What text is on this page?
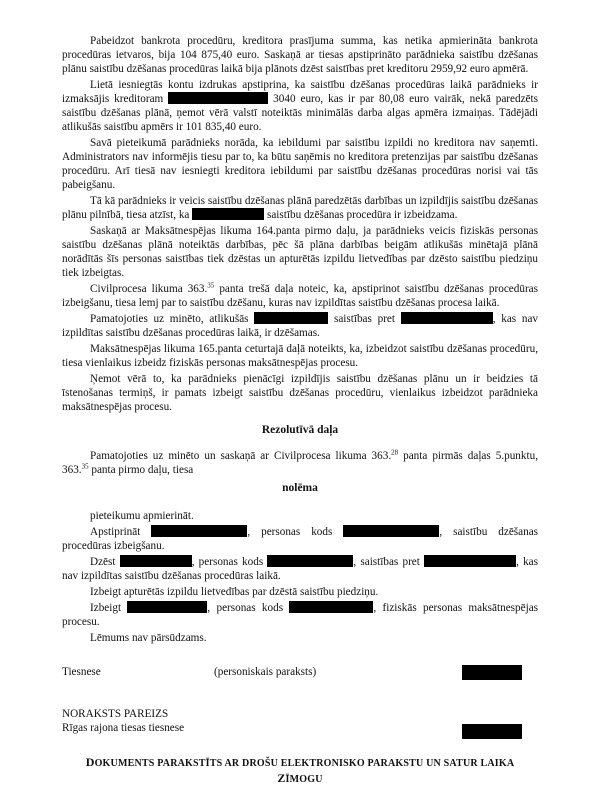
Pabeidzot bankrota procedūru, kreditora prasījuma summa, kas netika apmierināta bankrota procedūras ietvaros, bija 104 875,40 euro. Saskaņā ar tiesas apstiprināto parādnieka saistību dzēšanas plānu saistību dzēšanas procedūras laikā bija plānots dzēst saistības pret kreditoru 2959,92 euro apmērā.

Lietā iesniegtās kontu izdrukas apstiprina, ka saistību dzēšanas procedūras laikā parādnieks ir izmaksājis kreditoram	3040 euro, kas ir par 80,08 euro vairāk, nekā paredzēts saistību dzēšanas plānā, ņemot vērā valstī noteiktās minimālās darba algas apmēra izmaiņas. Tādējādi atlikušās saistību apmērs ir 101 835,40 euro.

Savā pieteikumā parādnieks norāda, ka iebildumi par saistību izpildi no kreditora nav saņemti. Administrators nav informējis tiesu par to, ka būtu saņēmis no kreditora pretenzijas par saistību dzēšanas procedūru. Arī tiesā nav iesniegti kreditora iebildumi par saistību dzēšanas procedūras norisi vai tās pabeigšanu.

Tā kā parādnieks ir veicis saistību dzēšanas plānā paredzētās darbības un izpildījis saistību dzēšanas plānu pilnībā, tiesa atzīst, ka	saistību dzēšanas procedūra ir izbeidzama.

Saskaņā ar Maksātnespējas likuma 164.panta pirmo daļu, ja parādnieks veicis fiziskās personas saistību dzēšanas plānā noteiktās darbības, pēc šā plāna darbības beigām atlikušās minētajā plānā norādītās šīs personas saistības tiek dzēstas un apturētās izpildu lietvedības par dzēsto saistību piedziņu tiek izbeigtas.

Civilprocesa likuma 363.35 panta trešā daļa noteic, ka, apstiprinot saistību dzēšanas procedūras izbeigšanu, tiesa lemj par to saistību dzēšanu, kuras nav izpildītas saistību dzēšanas procesa laikā.

Pamatojoties uz minēto, atlikušās	saistības pret	, kas nav izpildītas saistību dzēšanas procedūras laikā, ir dzēšamas.

Maksātnespējas likuma 165.panta ceturtajā daļā noteikts, ka, izbeidzot saistību dzēšanas procedūru, tiesa vienlaikus izbeidz fiziskās personas maksātnespējas procesu.

Ņemot vērā to, ka parādnieks pienācīgi izpildījis saistību dzēšanas plānu un ir beidzies tā īstenošanas termiņš, ir pamats izbeigt saistību dzēšanas procedūru, vienlaikus izbeidzot parādnieka maksātnespējas procesu.

Rezolutīvā daļa

Pamatojoties uz minēto un saskaņā ar Civilprocesa likuma 363.28 panta pirmās daļas 5.punktu, 363.35 panta pirmo daļu, tiesa

nolēma

pieteikumu apmierināt.

Apstiprināt	, personas kods	, saistību dzēšanas procedūras izbeigšanu.

Dzēst	, personas kods	, saistības pret	, kas nav izpildītas saistību dzēšanas procedūras laikā.

Izbeigt apturētās izpildu lietvedības par dzēstā saistību piedziņu.

Izbeigt	, personas kods	, fiziskās personas maksātnespējas procesu.

Lēmums nav pārsūdzams.

Tiesnese	(personiskais paraksts)
NORAKSTS PAREIZS
Rīgas rajona tiesas tiesnese
DOKUMENTS PARAKSTĪTS AR DROŠU ELEKTRONISKO PARAKSTU UN SATUR LAIKA ZĪMOGU
